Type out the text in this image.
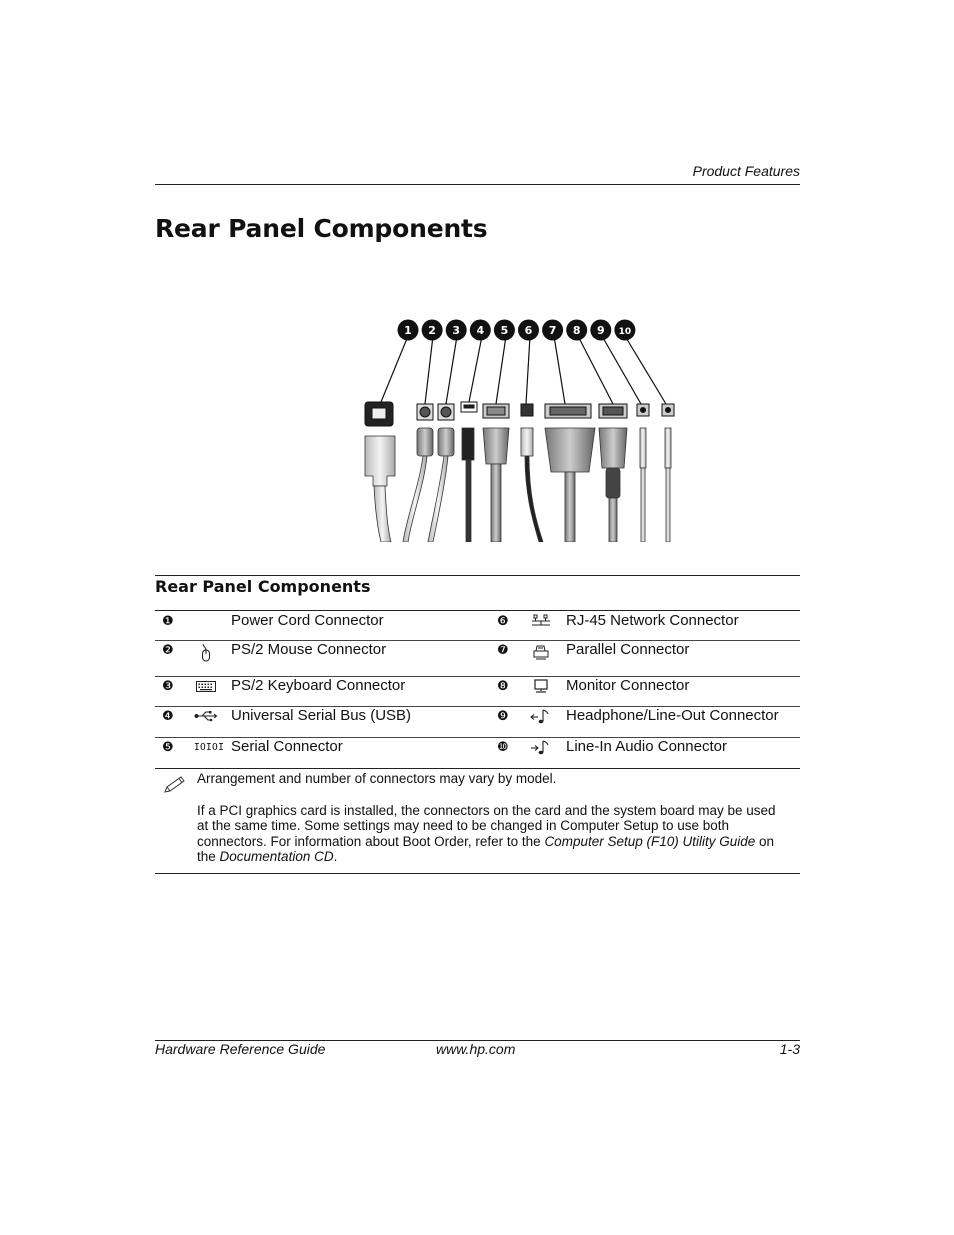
Product Features
Rear Panel Components
1 2 3 4 5 6 7 8 9 10
Rear Panel Components
❶	Power Cord Connector	❻	RJ-45 Network Connector
❷	PS/2 Mouse Connector	❼	Parallel Connector
❸	PS/2 Keyboard Connector	❽	Monitor Connector
❹	Universal Serial Bus (USB)	❾	Headphone/Line-Out Connector
❺ IOIOI Serial Connector	❿	Line-In Audio Connector

Arrangement and number of connectors may vary by model.

If a PCI graphics card is installed, the connectors on the card and the system board may be used at the same time. Some settings may need to be changed in Computer Setup to use both connectors. For information about Boot Order, refer to the Computer Setup (F10) Utility Guide on the Documentation CD.

Hardware Reference Guide	www.hp.com	1-3
